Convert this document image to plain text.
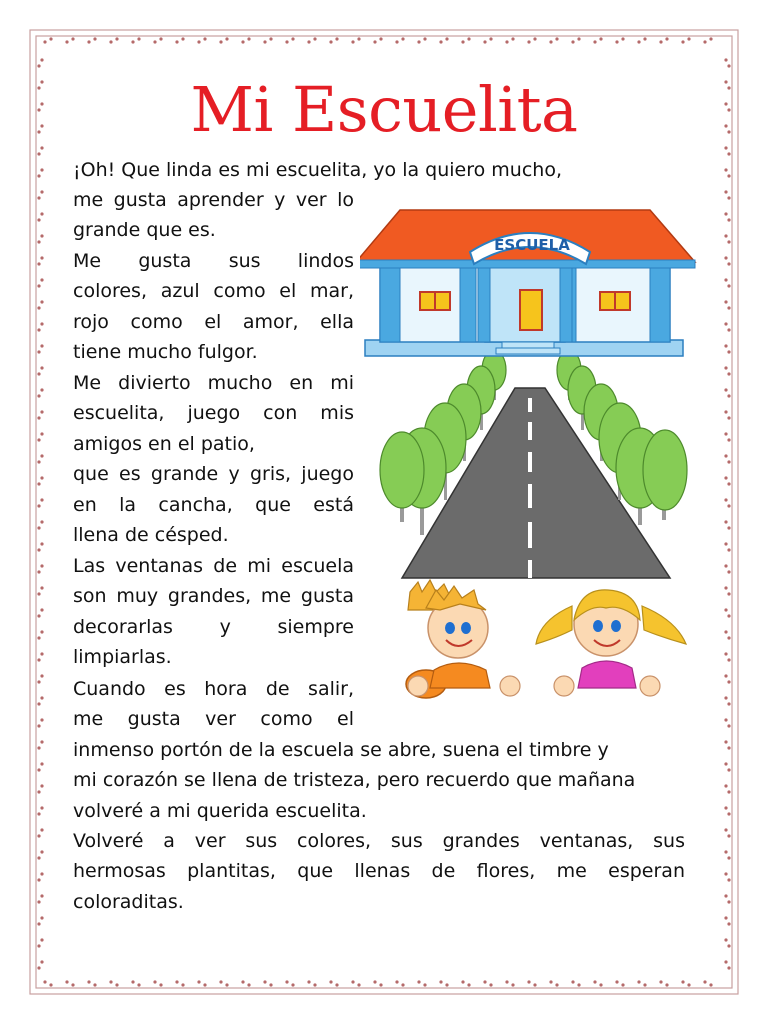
Mi Escuelita
¡Oh! Que linda es mi escuelita, yo la quiero mucho,
me gusta aprender y ver lo
grande que es.
Me gusta sus lindos
colores, azul como el mar,
rojo como el amor, ella
tiene mucho fulgor.
Me divierto mucho en mi
escuelita, juego con mis
amigos en el patio,
que es grande y gris, juego
en la cancha, que está
llena de césped.
Las ventanas de mi escuela
son muy grandes, me gusta
decorarlas y siempre
limpiarlas.
Cuando es hora de salir,
me gusta ver como el
inmenso portón de la escuela se abre, suena el timbre y
mi corazón se llena de tristeza, pero recuerdo que mañana
volveré a mi querida escuelita.
Volveré a ver sus colores, sus grandes ventanas, sus
hermosas plantitas, que llenas de flores, me esperan
coloraditas.
ESCUELA
